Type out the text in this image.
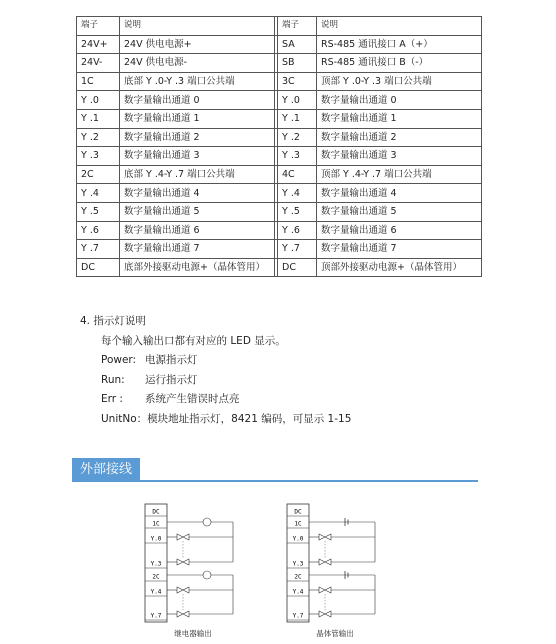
端子	说明		端子	说明
24V+	24V 供电电源+		SA	RS-485 通讯接口 A（+）
24V-	24V 供电电源-		SB	RS-485 通讯接口 B（-）
1C	底部 Y .0-Y .3 端口公共端		3C	顶部 Y .0-Y .3 端口公共端
Y .0	数字量输出通道 0		Y .0	数字量输出通道 0
Y .1	数字量输出通道 1		Y .1	数字量输出通道 1
Y .2	数字量输出通道 2		Y .2	数字量输出通道 2
Y .3	数字量输出通道 3		Y .3	数字量输出通道 3
2C	底部 Y .4-Y .7 端口公共端		4C	顶部 Y .4-Y .7 端口公共端
Y .4	数字量输出通道 4		Y .4	数字量输出通道 4
Y .5	数字量输出通道 5		Y .5	数字量输出通道 5
Y .6	数字量输出通道 6		Y .6	数字量输出通道 6
Y .7	数字量输出通道 7		Y .7	数字量输出通道 7
DC	底部外接驱动电源+（晶体管用）		DC	顶部外接驱动电源+（晶体管用）
4. 指示灯说明
每个输入输出口都有对应的 LED 显示。
Power: 电源指示灯
Run: 运行指示灯
Err : 系统产生错误时点亮
UnitNo：模块地址指示灯，8421 编码，可显示 1-15
外部接线
DC
1C
Y.0
Y.3
2C
Y.4
Y.7
继电器输出
DC
1C
Y.0
Y.3
2C
Y.4
Y.7
晶体管输出
